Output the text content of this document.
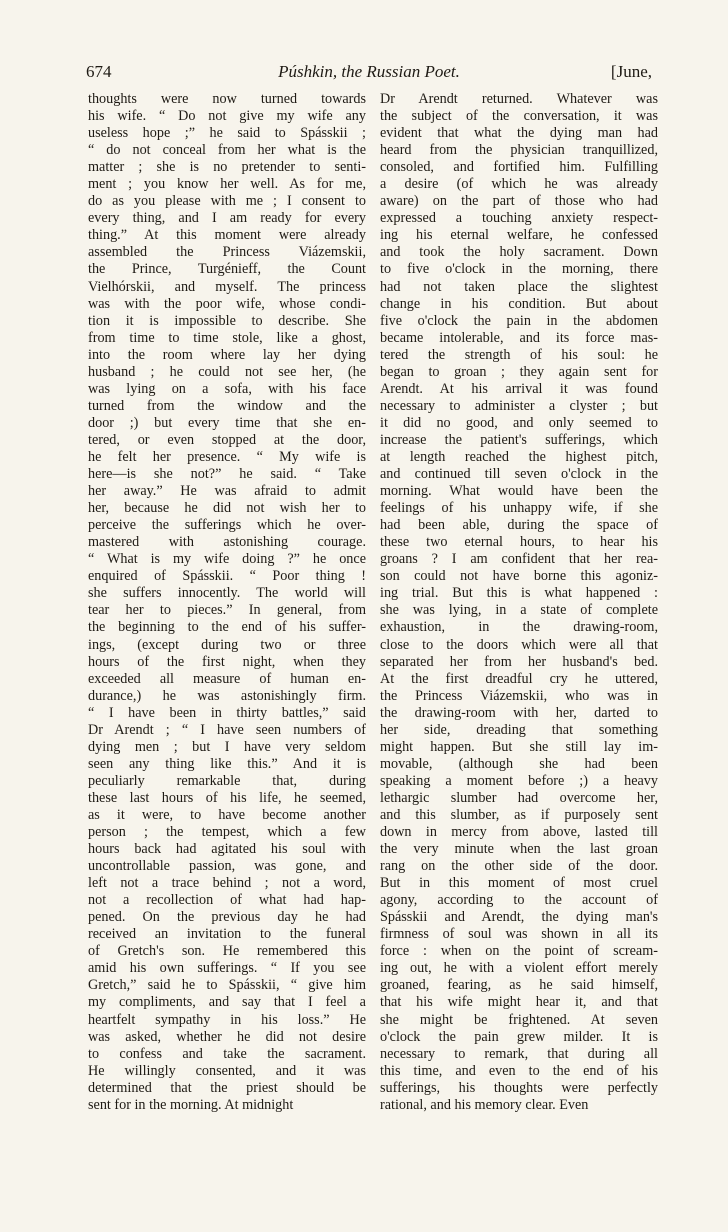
674	Púshkin, the Russian Poet.	[June,
thoughts were now turned towards
his wife. “ Do not give my wife any
useless hope ;” he said to Spásskii ;
“ do not conceal from her what is the
matter ; she is no pretender to senti-
ment ; you know her well. As for me,
do as you please with me ; I consent to
every thing, and I am ready for every
thing.” At this moment were already
assembled the Princess Viázemskii,
the Prince, Turgénieff, the Count
Vielhórskii, and myself. The princess
was with the poor wife, whose condi-
tion it is impossible to describe. She
from time to time stole, like a ghost,
into the room where lay her dying
husband ; he could not see her, (he
was lying on a sofa, with his face
turned from the window and the
door ;) but every time that she en-
tered, or even stopped at the door,
he felt her presence. “ My wife is
here—is she not?” he said. “ Take
her away.” He was afraid to admit
her, because he did not wish her to
perceive the sufferings which he over-
mastered with astonishing courage.
“ What is my wife doing ?” he once
enquired of Spásskii. “ Poor thing !
she suffers innocently. The world will
tear her to pieces.” In general, from
the beginning to the end of his suffer-
ings, (except during two or three
hours of the first night, when they
exceeded all measure of human en-
durance,) he was astonishingly firm.
“ I have been in thirty battles,” said
Dr Arendt ; “ I have seen numbers of
dying men ; but I have very seldom
seen any thing like this.” And it is
peculiarly remarkable that, during
these last hours of his life, he seemed,
as it were, to have become another
person ; the tempest, which a few
hours back had agitated his soul with
uncontrollable passion, was gone, and
left not a trace behind ; not a word,
not a recollection of what had hap-
pened. On the previous day he had
received an invitation to the funeral
of Gretch's son. He remembered this
amid his own sufferings. “ If you see
Gretch,” said he to Spásskii, “ give him
my compliments, and say that I feel a
heartfelt sympathy in his loss.” He
was asked, whether he did not desire
to confess and take the sacrament.
He willingly consented, and it was
determined that the priest should be
sent for in the morning. At midnight
Dr Arendt returned. Whatever was
the subject of the conversation, it was
evident that what the dying man had
heard from the physician tranquillized,
consoled, and fortified him. Fulfilling
a desire (of which he was already
aware) on the part of those who had
expressed a touching anxiety respect-
ing his eternal welfare, he confessed
and took the holy sacrament. Down
to five o'clock in the morning, there
had not taken place the slightest
change in his condition. But about
five o'clock the pain in the abdomen
became intolerable, and its force mas-
tered the strength of his soul: he
began to groan ; they again sent for
Arendt. At his arrival it was found
necessary to administer a clyster ; but
it did no good, and only seemed to
increase the patient's sufferings, which
at length reached the highest pitch,
and continued till seven o'clock in the
morning. What would have been the
feelings of his unhappy wife, if she
had been able, during the space of
these two eternal hours, to hear his
groans ? I am confident that her rea-
son could not have borne this agoniz-
ing trial. But this is what happened :
she was lying, in a state of complete
exhaustion, in the drawing-room,
close to the doors which were all that
separated her from her husband's bed.
At the first dreadful cry he uttered,
the Princess Viázemskii, who was in
the drawing-room with her, darted to
her side, dreading that something
might happen. But she still lay im-
movable, (although she had been
speaking a moment before ;) a heavy
lethargic slumber had overcome her,
and this slumber, as if purposely sent
down in mercy from above, lasted till
the very minute when the last groan
rang on the other side of the door.
But in this moment of most cruel
agony, according to the account of
Spásskii and Arendt, the dying man's
firmness of soul was shown in all its
force : when on the point of scream-
ing out, he with a violent effort merely
groaned, fearing, as he said himself,
that his wife might hear it, and that
she might be frightened. At seven
o'clock the pain grew milder. It is
necessary to remark, that during all
this time, and even to the end of his
sufferings, his thoughts were perfectly
rational, and his memory clear. Even
